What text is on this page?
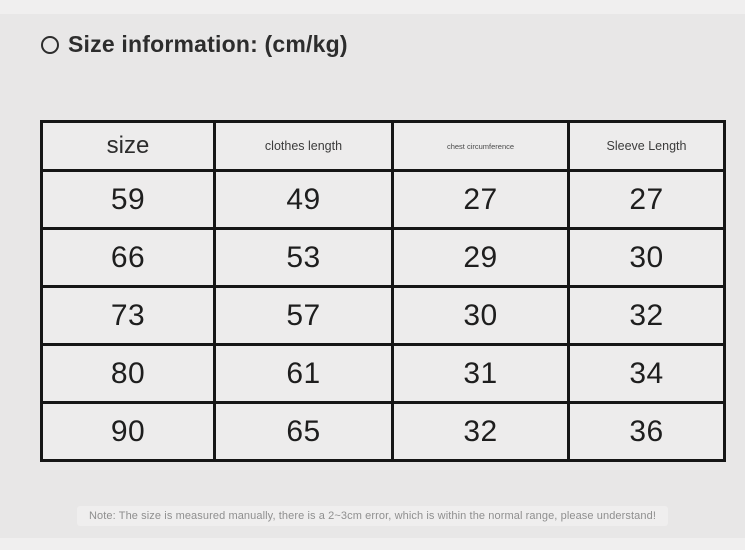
Size information: (cm/kg)
size	clothes length	chest circumference	Sleeve Length
59	49	27	27
66	53	29	30
73	57	30	32
80	61	31	34
90	65	32	36
Note: The size is measured manually, there is a 2~3cm error, which is within the normal range, please understand!
